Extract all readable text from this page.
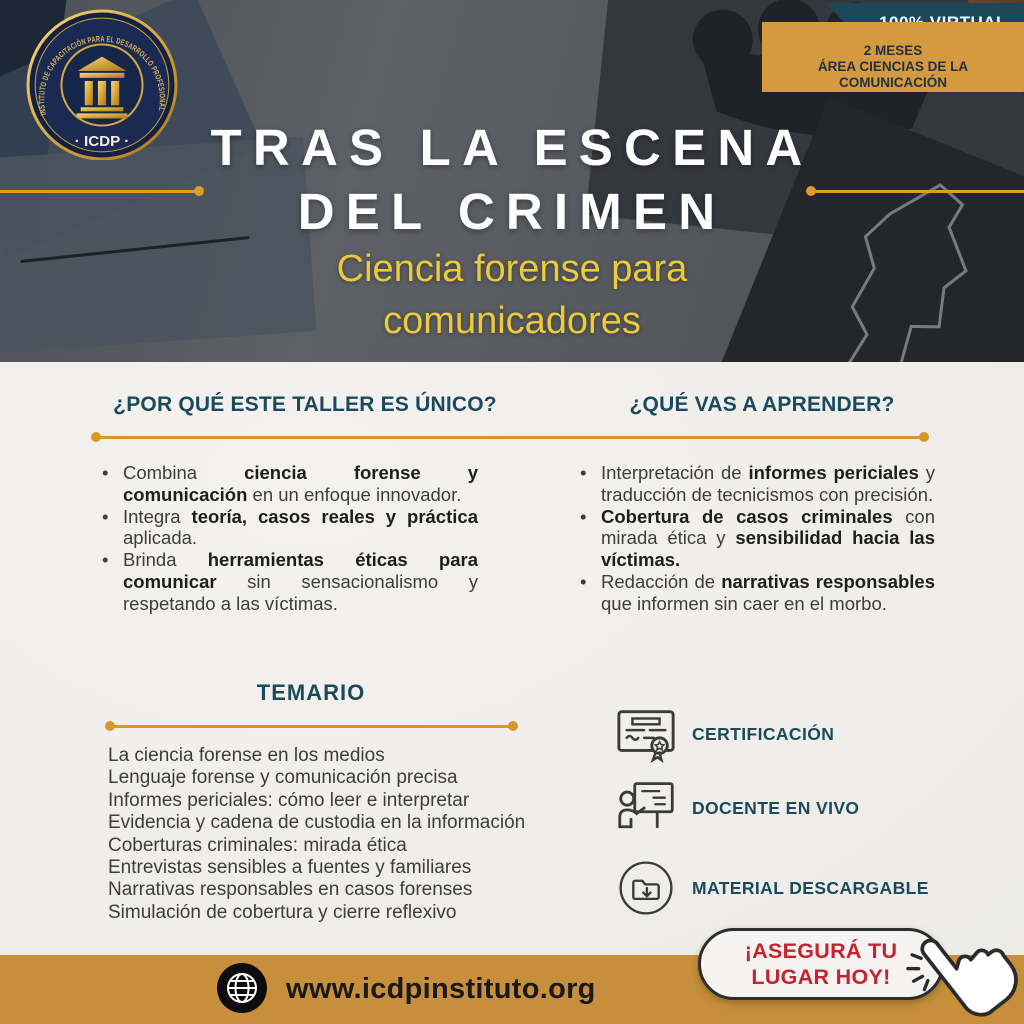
INSTITUTO DE CAPACITACIÓN PARA EL DESARROLLO PROFESIONAL
· ICDP ·
2 MESES
ÁREA CIENCIAS DE LA COMUNICACIÓN
TRAS LA ESCENA
DEL CRIMEN
Ciencia forense para
comunicadores
¿POR QUÉ ESTE TALLER ES ÚNICO?	¿QUÉ VAS A APRENDER?
• Combina ciencia forense y comunicación en un enfoque innovador.
• Integra teoría, casos reales y práctica aplicada.
• Brinda herramientas éticas para comunicar sin sensacionalismo y respetando a las víctimas.
• Interpretación de informes periciales y traducción de tecnicismos con precisión.
• Cobertura de casos criminales con mirada ética y sensibilidad hacia las víctimas.
• Redacción de narrativas responsables que informen sin caer en el morbo.
TEMARIO
La ciencia forense en los medios
Lenguaje forense y comunicación precisa
Informes periciales: cómo leer e interpretar
Evidencia y cadena de custodia en la información
Coberturas criminales: mirada ética
Entrevistas sensibles a fuentes y familiares
Narrativas responsables en casos forenses
Simulación de cobertura y cierre reflexivo
CERTIFICACIÓN
DOCENTE EN VIVO
MATERIAL DESCARGABLE
www.icdpinstituto.org
¡ASEGURÁ TU
LUGAR HOY!
